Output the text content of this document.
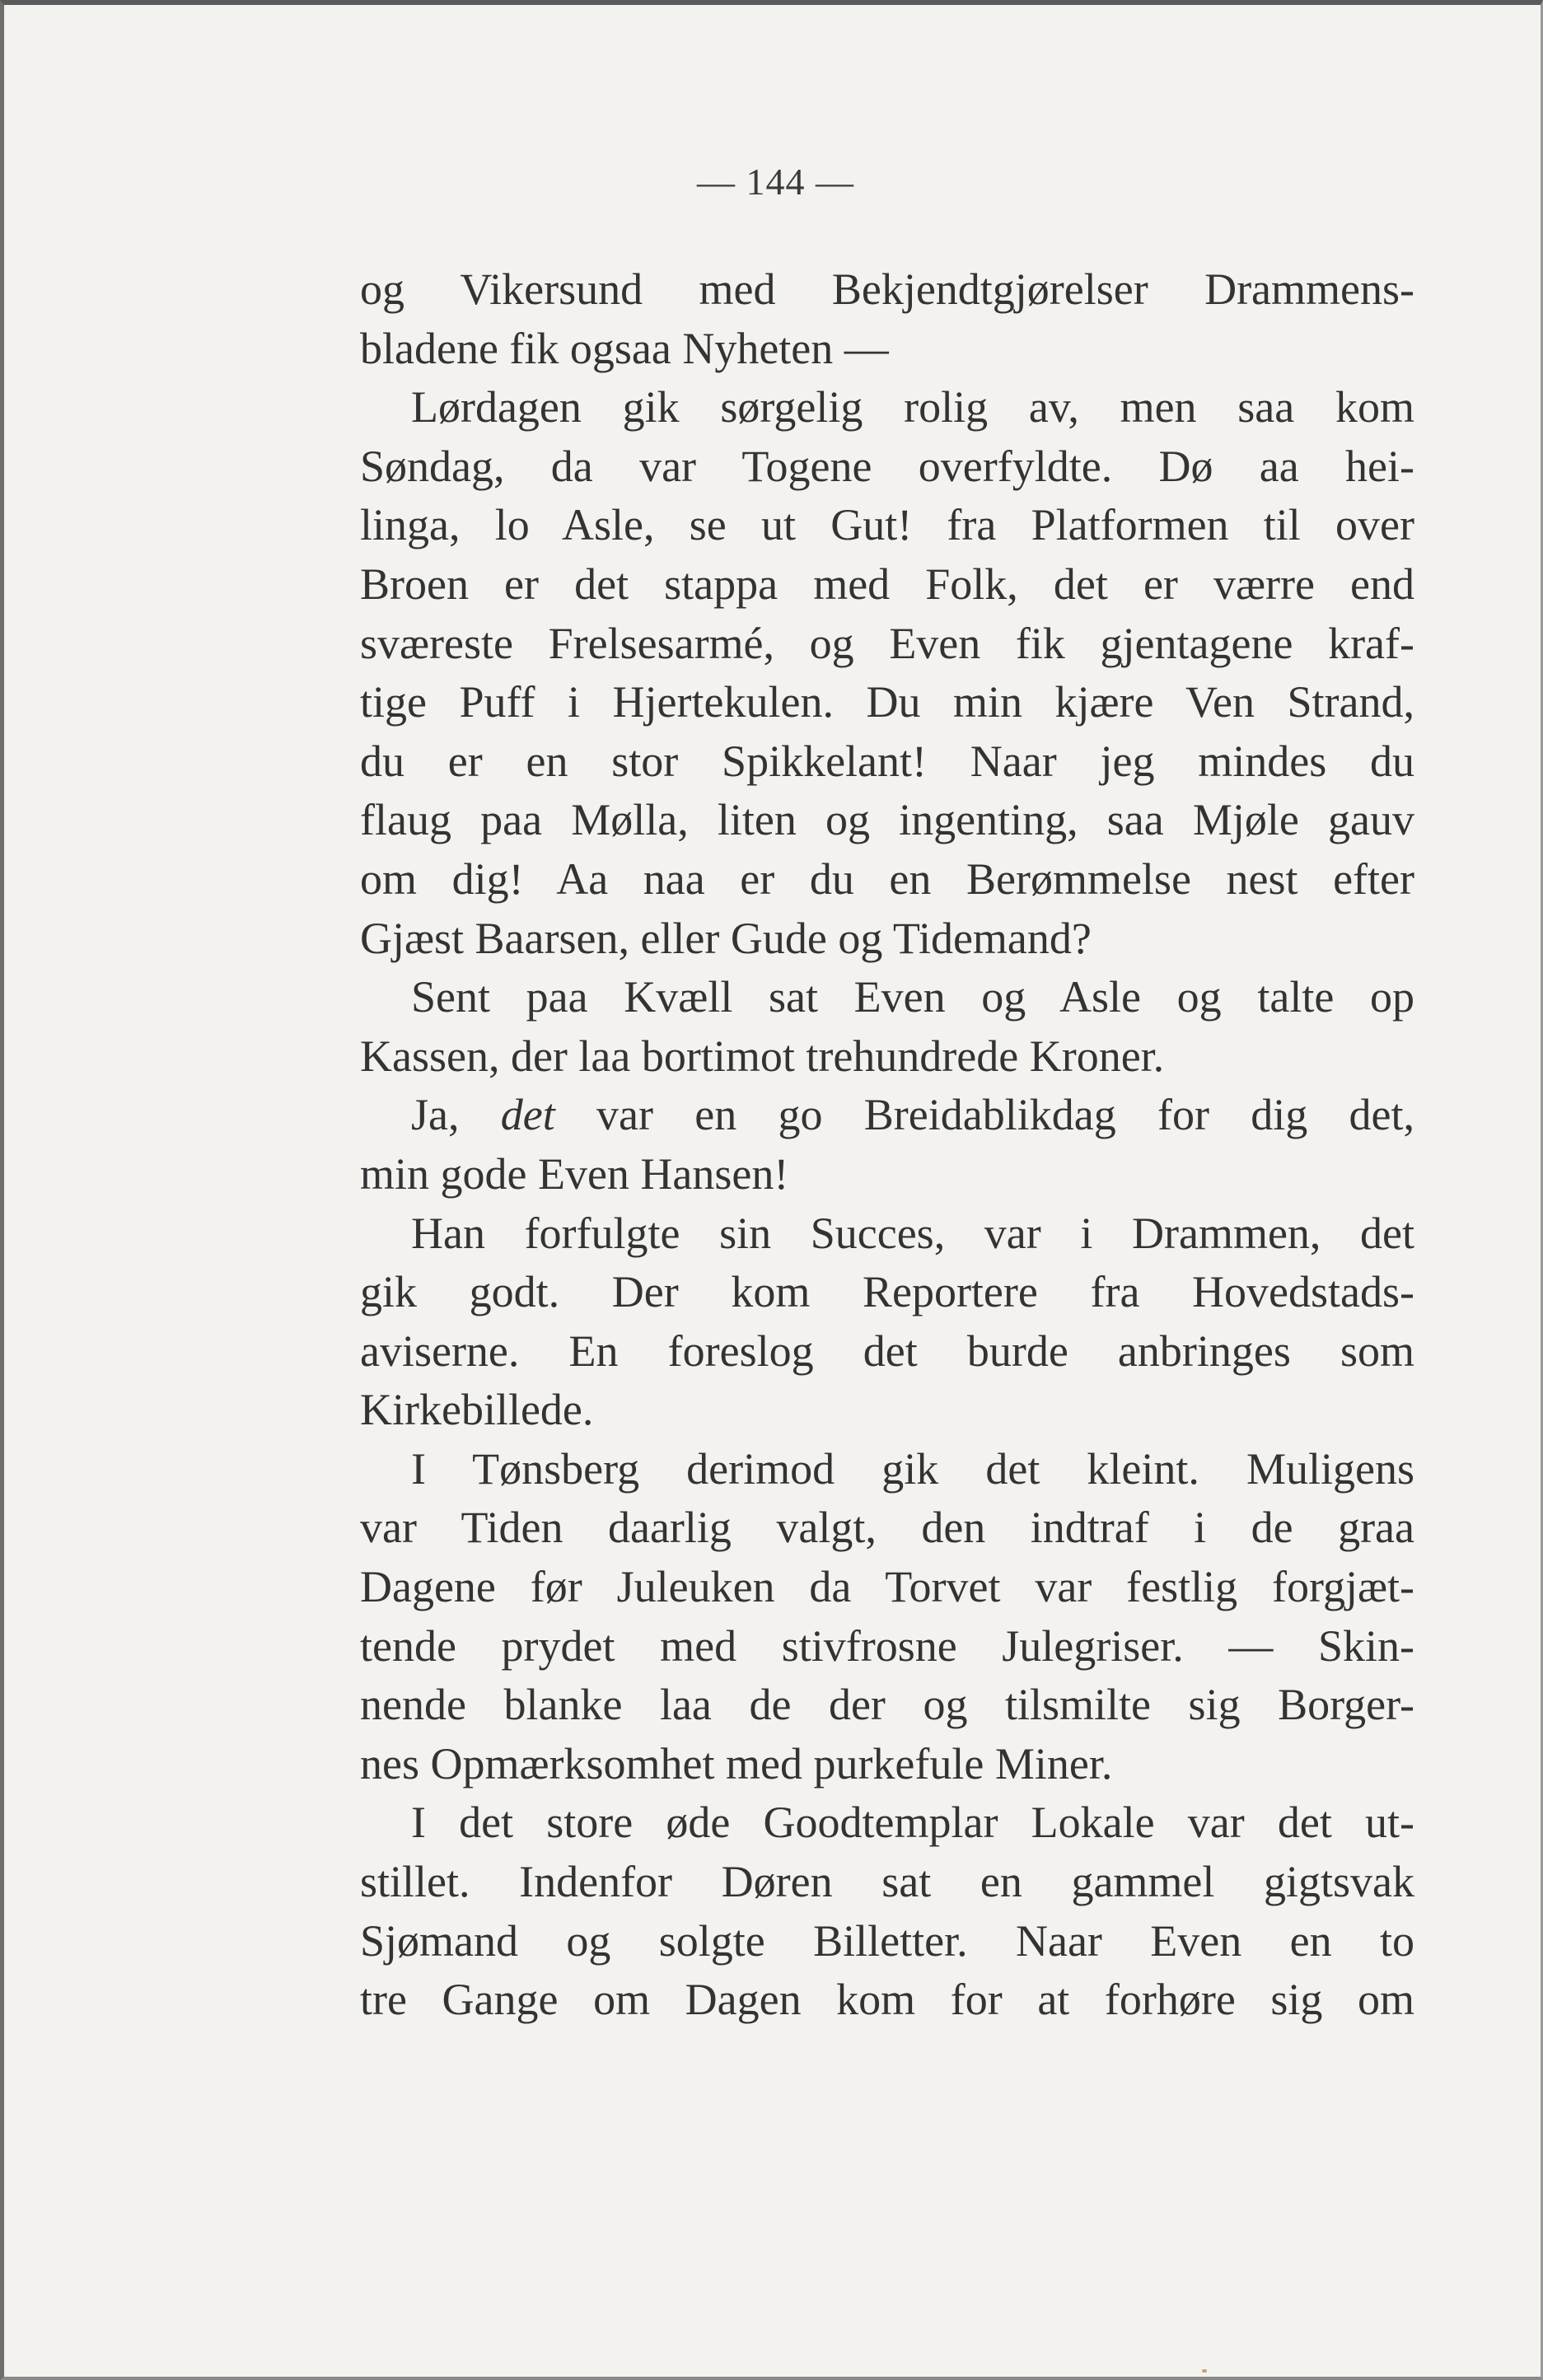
— 144 —
og Vikersund med Bekjendtgjørelser Drammens-
bladene fik ogsaa Nyheten —
Lørdagen gik sørgelig rolig av, men saa kom
Søndag, da var Togene overfyldte. Dø aa hei-
linga, lo Asle, se ut Gut! fra Platformen til over
Broen er det stappa med Folk, det er værre end
sværeste Frelsesarmé, og Even fik gjentagene kraf-
tige Puff i Hjertekulen. Du min kjære Ven Strand,
du er en stor Spikkelant! Naar jeg mindes du
flaug paa Mølla, liten og ingenting, saa Mjøle gauv
om dig! Aa naa er du en Berømmelse nest efter
Gjæst Baarsen, eller Gude og Tidemand?
Sent paa Kvæll sat Even og Asle og talte op
Kassen, der laa bortimot trehundrede Kroner.
Ja, det var en go Breidablikdag for dig det,
min gode Even Hansen!
Han forfulgte sin Succes, var i Drammen, det
gik godt. Der kom Reportere fra Hovedstads-
aviserne. En foreslog det burde anbringes som
Kirkebillede.
I Tønsberg derimod gik det kleint. Muligens
var Tiden daarlig valgt, den indtraf i de graa
Dagene før Juleuken da Torvet var festlig forgjæt-
tende prydet med stivfrosne Julegriser. — Skin-
nende blanke laa de der og tilsmilte sig Borger-
nes Opmærksomhet med purkefule Miner.
I det store øde Goodtemplar Lokale var det ut-
stillet. Indenfor Døren sat en gammel gigtsvak
Sjømand og solgte Billetter. Naar Even en to
tre Gange om Dagen kom for at forhøre sig om
